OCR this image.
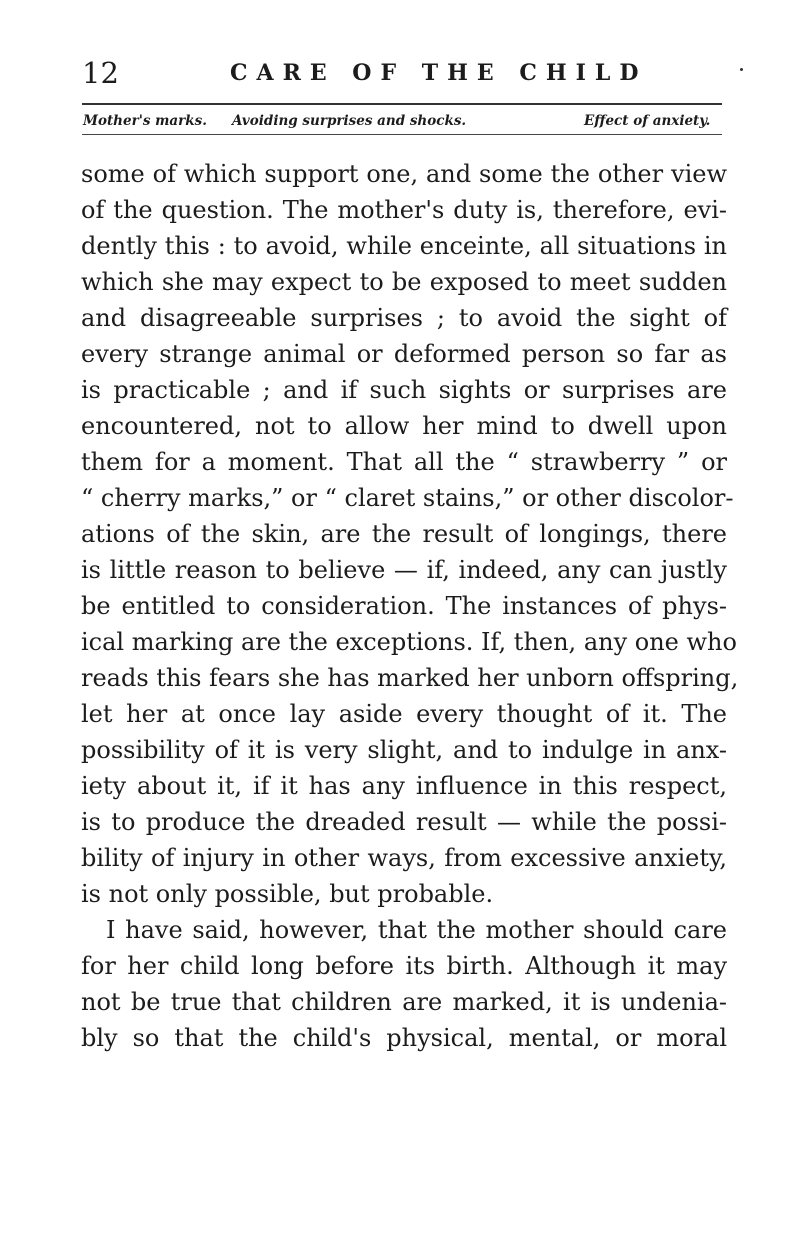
12	CARE OF THE CHILD
Mother's marks. Avoiding surprises and shocks.	Effect of anxiety.
some of which support one, and some the other view
of the question. The mother's duty is, therefore, evi-
dently this : to avoid, while enceinte, all situations in
which she may expect to be exposed to meet sudden
and disagreeable surprises ; to avoid the sight of
every strange animal or deformed person so far as
is practicable ; and if such sights or surprises are
encountered, not to allow her mind to dwell upon
them for a moment. That all the “ strawberry ” or
“ cherry marks,” or “ claret stains,” or other discolor-
ations of the skin, are the result of longings, there
is little reason to believe — if, indeed, any can justly
be entitled to consideration. The instances of phys-
ical marking are the exceptions. If, then, any one who
reads this fears she has marked her unborn offspring,
let her at once lay aside every thought of it. The
possibility of it is very slight, and to indulge in anx-
iety about it, if it has any influence in this respect,
is to produce the dreaded result — while the possi-
bility of injury in other ways, from excessive anxiety,
is not only possible, but probable.
I have said, however, that the mother should care
for her child long before its birth. Although it may
not be true that children are marked, it is undenia-
bly so that the child's physical, mental, or moral
